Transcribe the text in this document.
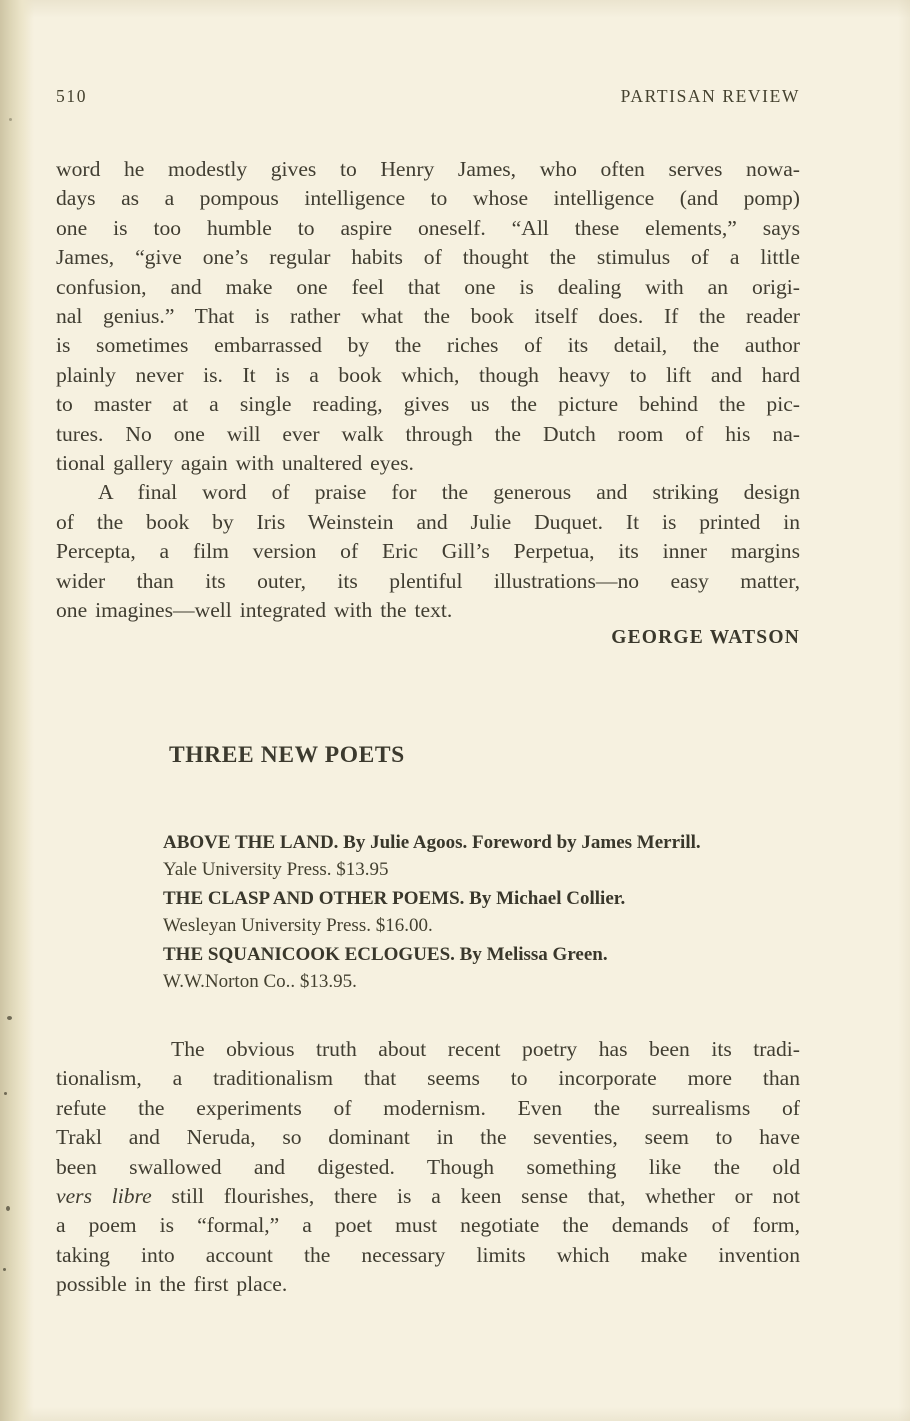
510	PARTISAN REVIEW
word he modestly gives to Henry James, who often serves nowa-
days as a pompous intelligence to whose intelligence (and pomp)
one is too humble to aspire oneself. “All these elements,” says
James, “give one’s regular habits of thought the stimulus of a little
confusion, and make one feel that one is dealing with an origi-
nal genius.” That is rather what the book itself does. If the reader
is sometimes embarrassed by the riches of its detail, the author
plainly never is. It is a book which, though heavy to lift and hard
to master at a single reading, gives us the picture behind the pic-
tures. No one will ever walk through the Dutch room of his na-
tional gallery again with unaltered eyes.
A final word of praise for the generous and striking design
of the book by Iris Weinstein and Julie Duquet. It is printed in
Percepta, a film version of Eric Gill’s Perpetua, its inner margins
wider than its outer, its plentiful illustrations—no easy matter,
one imagines—well integrated with the text.
GEORGE WATSON
THREE NEW POETS
ABOVE THE LAND. By Julie Agoos. Foreword by James Merrill.
Yale University Press. $13.95
THE CLASP AND OTHER POEMS. By Michael Collier.
Wesleyan University Press. $16.00.
THE SQUANICOOK ECLOGUES. By Melissa Green.
W.W.Norton Co.. $13.95.
The obvious truth about recent poetry has been its tradi-
tionalism, a traditionalism that seems to incorporate more than
refute the experiments of modernism. Even the surrealisms of
Trakl and Neruda, so dominant in the seventies, seem to have
been swallowed and digested. Though something like the old
vers libre still flourishes, there is a keen sense that, whether or not
a poem is “formal,” a poet must negotiate the demands of form,
taking into account the necessary limits which make invention
possible in the first place.
